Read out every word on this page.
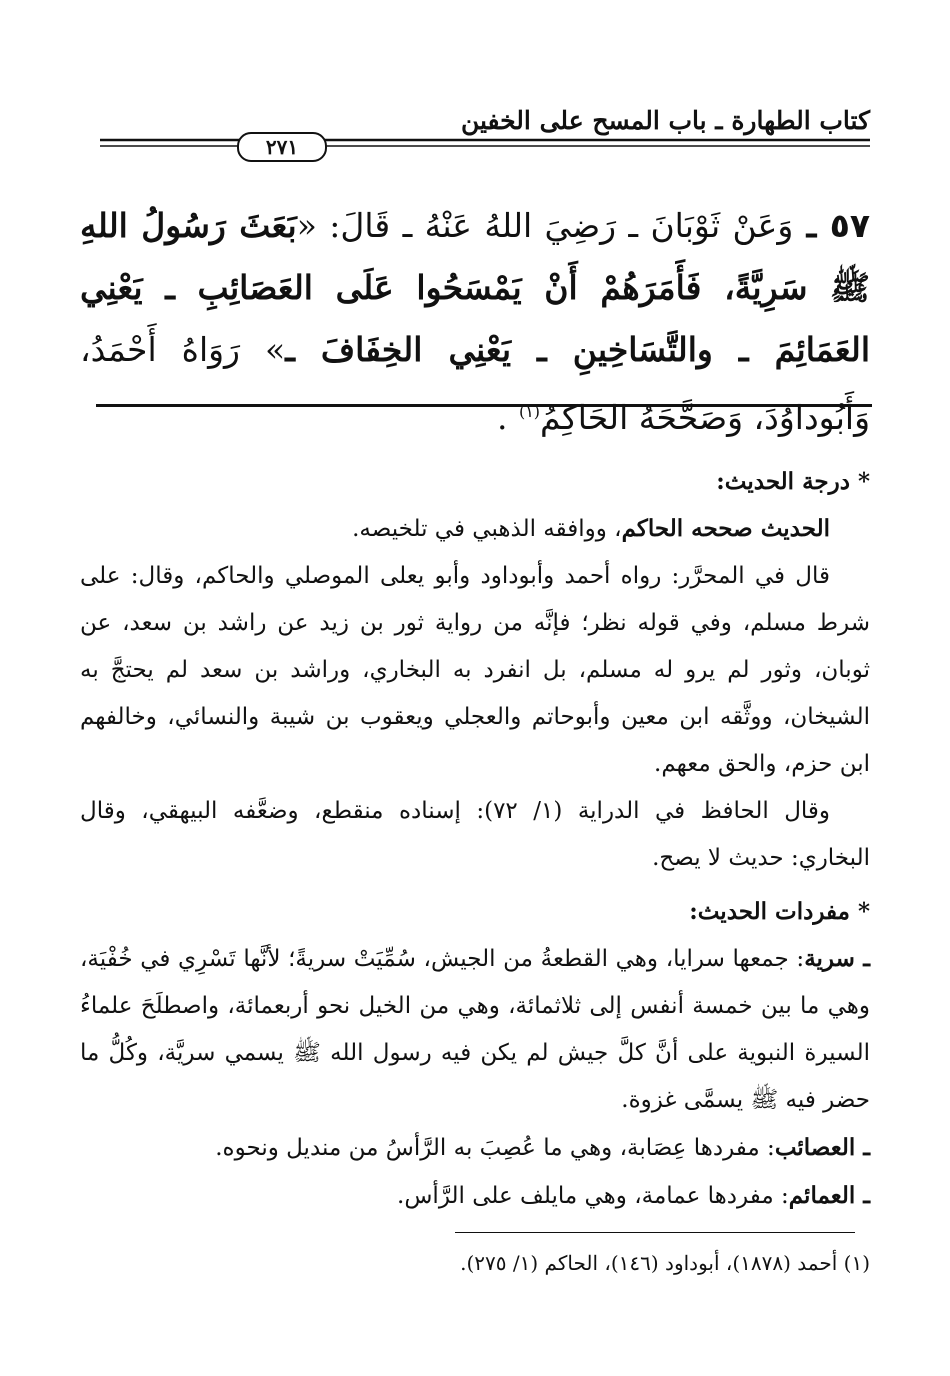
كتاب الطهارة ـ باب المسح على الخفين
٢٧١
٥٧ ـ وَعَنْ ثَوْبَانَ ـ رَضِيَ اللهُ عَنْهُ ـ قَالَ: «بَعَثَ رَسُولُ اللهِ ﷺ سَرِيَّةً، فَأَمَرَهُمْ أَنْ يَمْسَحُوا عَلَى العَصَائِبِ ـ يَعْنِي العَمَائِمَ ـ والتَّسَاخِينِ ـ يَعْنِي الخِفَافَ ـ» رَوَاهُ أَحْمَدُ، وَأَبُوداوُدَ، وَصَحَّحَهُ الحَاكِمُ$^{(١)}$ .
* درجة الحديث:

الحديث صححه الحاكم، ووافقه الذهبي في تلخيصه.

قال في المحرَّر: رواه أحمد وأبوداود وأبو يعلى الموصلي والحاكم، وقال: على شرط مسلم، وفي قوله نظر؛ فإنَّه من رواية ثور بن زيد عن راشد بن سعد، عن ثوبان، وثور لم يرو له مسلم، بل انفرد به البخاري، وراشد بن سعد لم يحتجَّ به الشيخان، ووثَّقه ابن معين وأبوحاتم والعجلي ويعقوب بن شيبة والنسائي، وخالفهم ابن حزم، والحق معهم.

وقال الحافظ في الدراية (١/ ٧٢): إسناده منقطع، وضعَّفه البيهقي، وقال البخاري: حديث لا يصح.

* مفردات الحديث:

ـ سرية: جمعها سرايا، وهي القطعةُ من الجيش، سُمِّيَتْ سريةً؛ لأنَّها تَسْرِي في خُفْيَة، وهي ما بين خمسة أنفس إلى ثلاثمائة، وهي من الخيل نحو أربعمائة، واصطلَحَ علماءُ السيرة النبوية على أنَّ كلَّ جيش لم يكن فيه رسول الله ﷺ يسمي سريَّة، وكُلُّ ما حضر فيه ﷺ يسمَّى غزوة.

ـ العصائب: مفردها عِصَابة، وهي ما عُصِبَ به الرَّأسُ من منديل ونحوه.

ـ العمائم: مفردها عمامة، وهي مايلف على الرَّأس.

(١) أحمد (١٨٧٨)، أبوداود (١٤٦)، الحاكم (١/ ٢٧٥).
